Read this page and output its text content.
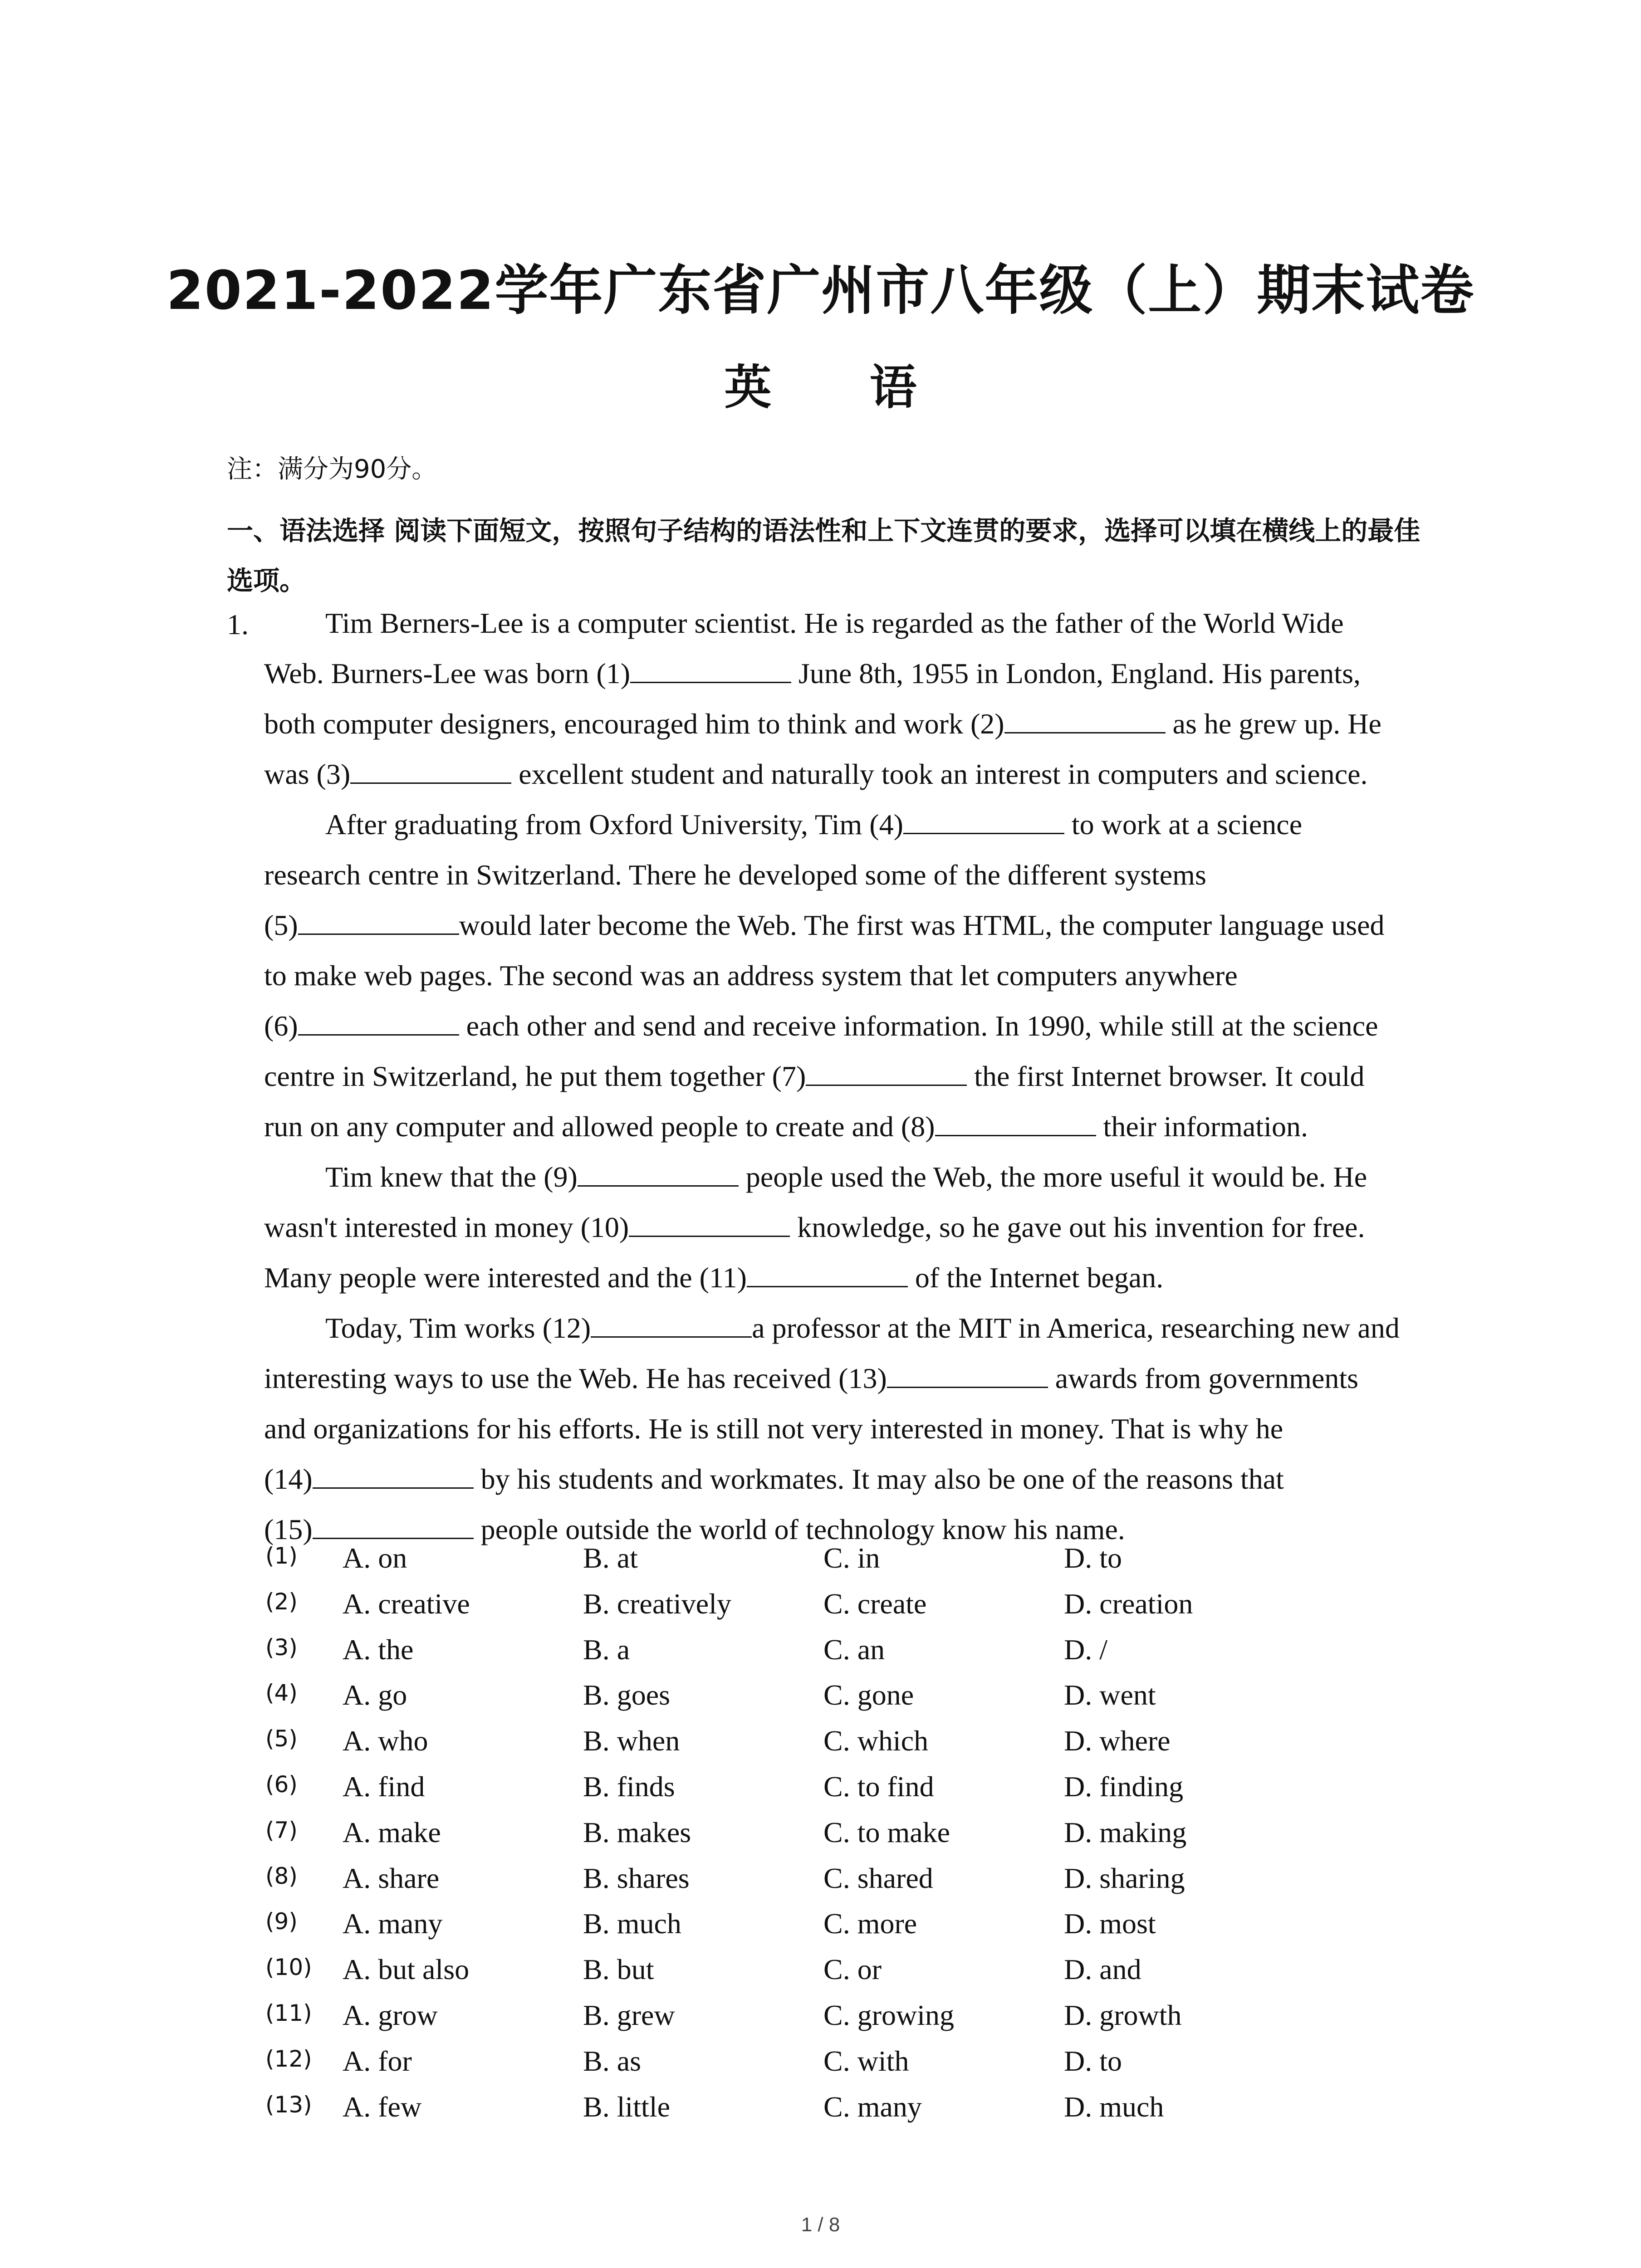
2021-2022学年广东省广州市八年级（上）期末试卷
英 语
注：满分为90分。
一、语法选择 阅读下面短文，按照句子结构的语法性和上下文连贯的要求，选择可以填在横线上的最佳选项。
1.	Tim Berners-Lee is a computer scientist. He is regarded as the father of the World Wide
Web. Burners-Lee was born (1)	June 8th, 1955 in London, England. His parents,
both computer designers, encouraged him to think and work (2)	as he grew up. He
was (3)	excellent student and naturally took an interest in computers and science.
After graduating from Oxford University, Tim (4)	to work at a science
research centre in Switzerland. There he developed some of the different systems
(5)	would later become the Web. The first was HTML, the computer language used
to make web pages. The second was an address system that let computers anywhere
(6)	each other and send and receive information. In 1990, while still at the science
centre in Switzerland, he put them together (7)	the first Internet browser. It could
run on any computer and allowed people to create and (8)	their information.
Tim knew that the (9)	people used the Web, the more useful it would be. He
wasn't interested in money (10)	knowledge, so he gave out his invention for free.
Many people were interested and the (11)	of the Internet began.
Today, Tim works (12)	a professor at the MIT in America, researching new and
interesting ways to use the Web. He has received (13)	awards from governments
and organizations for his efforts. He is still not very interested in money. That is why he
(14)	by his students and workmates. It may also be one of the reasons that
(15)	people outside the world of technology know his name.
(1) A. on	B. at	C. in	D. to
(2) A. creative	B. creatively	C. create	D. creation
(3) A. the	B. a	C. an	D. /
(4) A. go	B. goes	C. gone	D. went
(5) A. who	B. when	C. which	D. where
(6) A. find	B. finds	C. to find	D. finding
(7) A. make	B. makes	C. to make	D. making
(8) A. share	B. shares	C. shared	D. sharing
(9) A. many	B. much	C. more	D. most
(10) A. but also	B. but	C. or	D. and
(11) A. grow	B. grew	C. growing	D. growth
(12) A. for	B. as	C. with	D. to
(13) A. few	B. little	C. many	D. much
1 / 8
